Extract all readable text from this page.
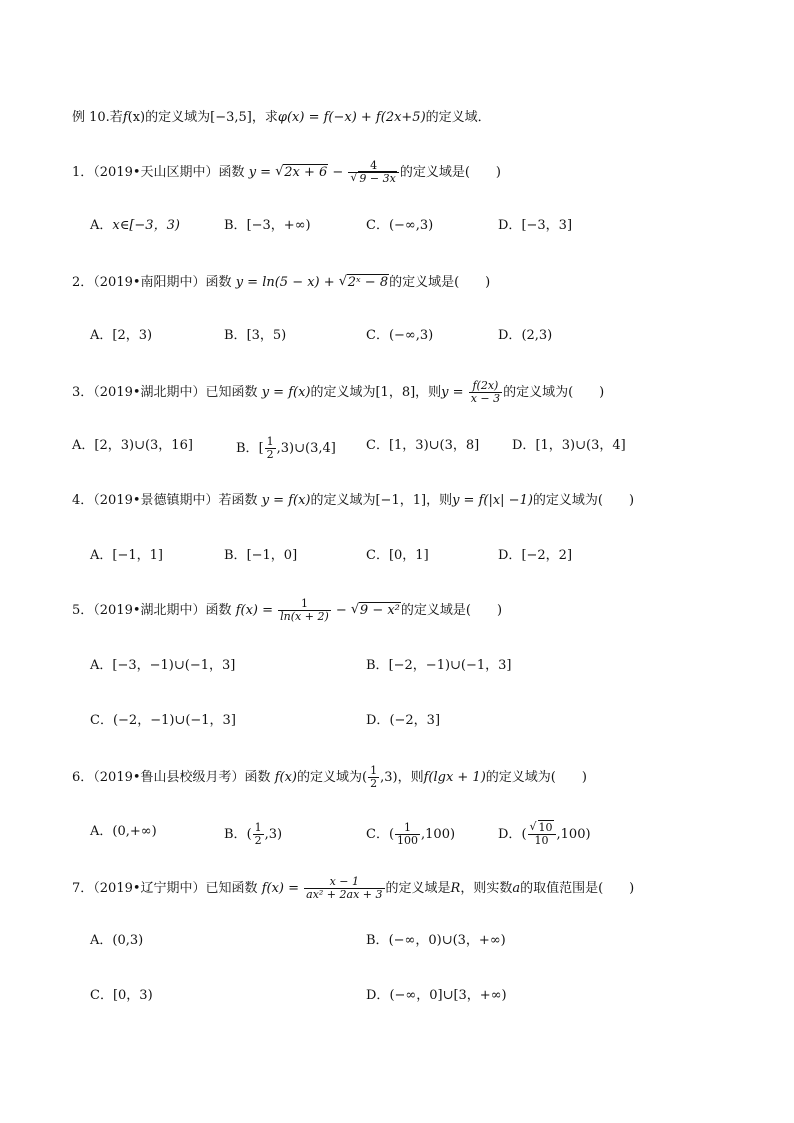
例 10.若f(x)的定义域为[−3,5]，求φ(x) = f(−x) + f(2x+5)的定义域．
1．（2019•天山区期中）函数 y = √ 2x + 6 − 4
√ 9 − 3x 的定义域是(　　)
A．x∈[−3，3)	B．[−3，+∞)	C．(−∞,3)	D．[−3，3]
2．（2019•南阳期中）函数 y = ln(5 − x) + √ 2ˣ − 8的定义域是(　　)
A．[2，3)	B．[3，5)	C．(−∞,3)	D．(2,3)
3．（2019•湖北期中）已知函数 y = f(x)的定义域为[1，8]，则$y = \frac{f(2x)}{x - 3}$ 的定义域为(　　)
A．[2，3)∪(3，16]	B．[ $\frac{1}{2}$ ,3)∪(3,4] C．[1，3)∪(3，8]	D．[1，3)∪(3，4]
4．（2019•景德镇期中）若函数 y = f(x)的定义域为[−1，1]，则y = f(|x| −1)的定义域为(　　)
A．[−1，1]	B．[−1，0]	C．[0，1]	D．[−2，2]
5．（2019•湖北期中）函数 $f(x) = \frac{1}{\ln(x + 2)}$ − √ 9 − x²的定义域是(　　)
A．[−3，−1)∪(−1，3]	B．[−2，−1)∪(−1，3]
C．(−2，−1)∪(−1，3]	D．(−2，3]
6．（2019•鲁山县校级月考）函数 f(x)的定义域为( $\frac{1}{2} ,3$)，则f(lgx + 1)的定义域为(　　)
A．(0,+∞)	B．( $\frac{1}{2} ,3$)	C．( $\frac{1}{100} ,100$)	D．(
√ $\frac{10}{10} ,100$)
7．（2019•辽宁期中）已知函数 $f(x) = \frac{x - 1}{\text{ax² + 2ax + 3}}$ 的定义域是R，则实数a的取值范围是(　　)
A．(0,3)	B．(−∞，0)∪(3，+∞)
C．[0，3)	D．(−∞，0]∪[3，+∞)
